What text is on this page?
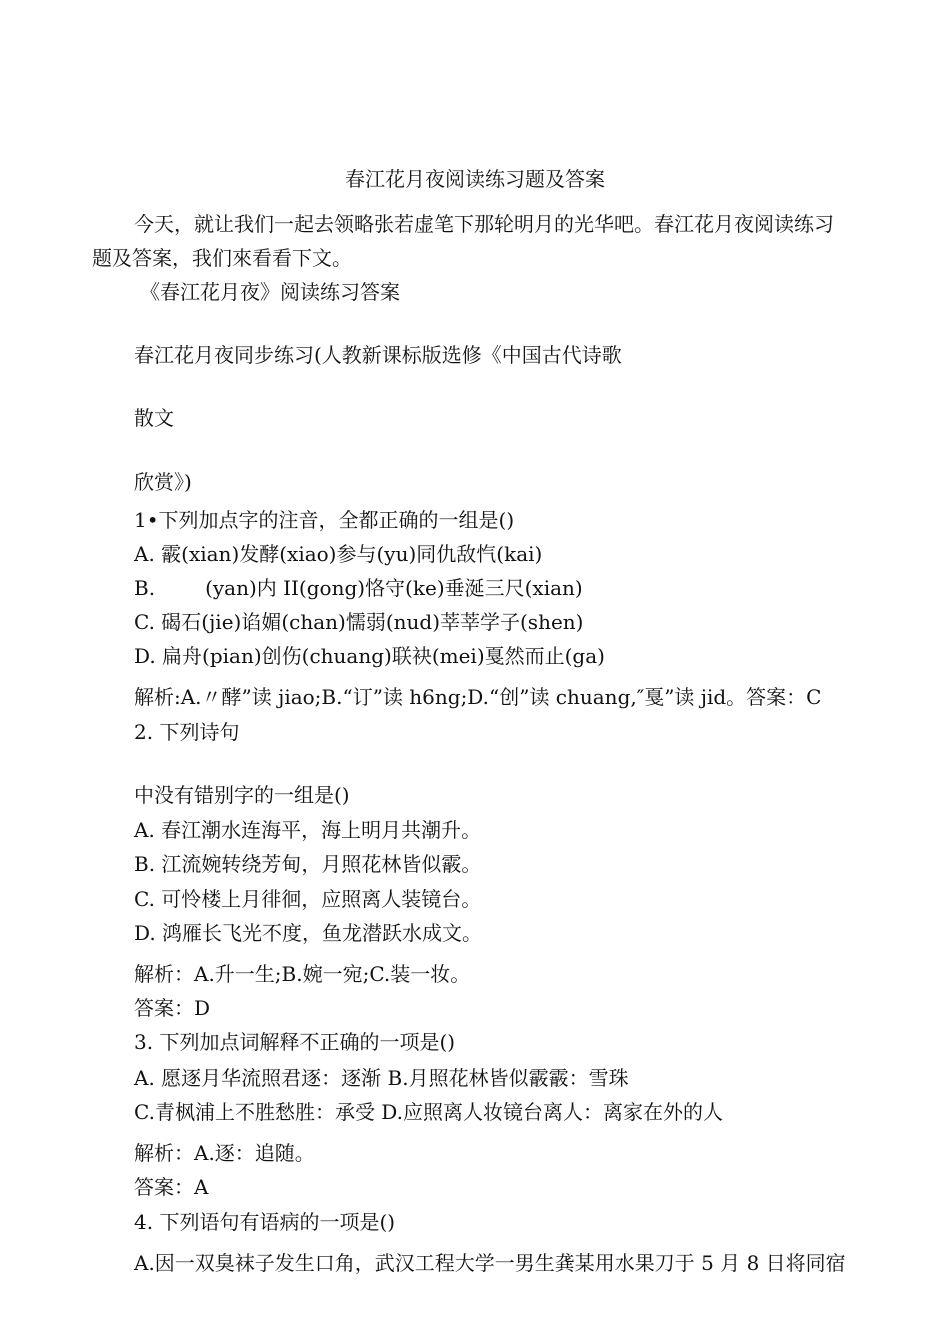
春江花月夜阅读练习题及答案
今天，就让我们一起去领略张若虚笔下那轮明月的光华吧。春江花月夜阅读练习
题及答案，我们來看看下文。
《春江花月夜》阅读练习答案
春江花月夜同步练习(人教新课标版选修《中国古代诗歌
散文
欣赏》)
1•下列加点字的注音，全都正确的一组是()
A. 霰(xian)发酵(xiao)参与(yu)同仇敌忾(kai)
B.	(yan)内 II(gong)恪守(ke)垂涎三尺(xian)
C. 碣石(jie)谄媚(chan)懦弱(nud)莘莘学子(shen)
D. 扁舟(pian)创伤(chuang)联袂(mei)戛然而止(ga)
解析:A.〃酵”读 jiao;B.“订”读 h6ng;D.“创”读 chuang,″戛”读 jid。答案：C
2. 下列诗句
中没有错别字的一组是()
A. 春江潮水连海平，海上明月共潮升。
B. 江流婉转绕芳甸，月照花林皆似霰。
C. 可怜楼上月徘徊，应照离人装镜台。
D. 鸿雁长飞光不度，鱼龙潜跃水成文。
解析：A.升一生;B.婉一宛;C.装一妆。
答案：D
3. 下列加点词解释不正确的一项是()
A. 愿逐月华流照君逐：逐渐 B.月照花林皆似霰霰：雪珠
C.青枫浦上不胜愁胜：承受 D.应照离人妆镜台离人：离家在外的人
解析：A.逐：追随。
答案：A
4. 下列语句有语病的一项是()
A.因一双臭袜子发生口角，武汉工程大学一男生龚某用水果刀于 5 月 8 日将同宿
